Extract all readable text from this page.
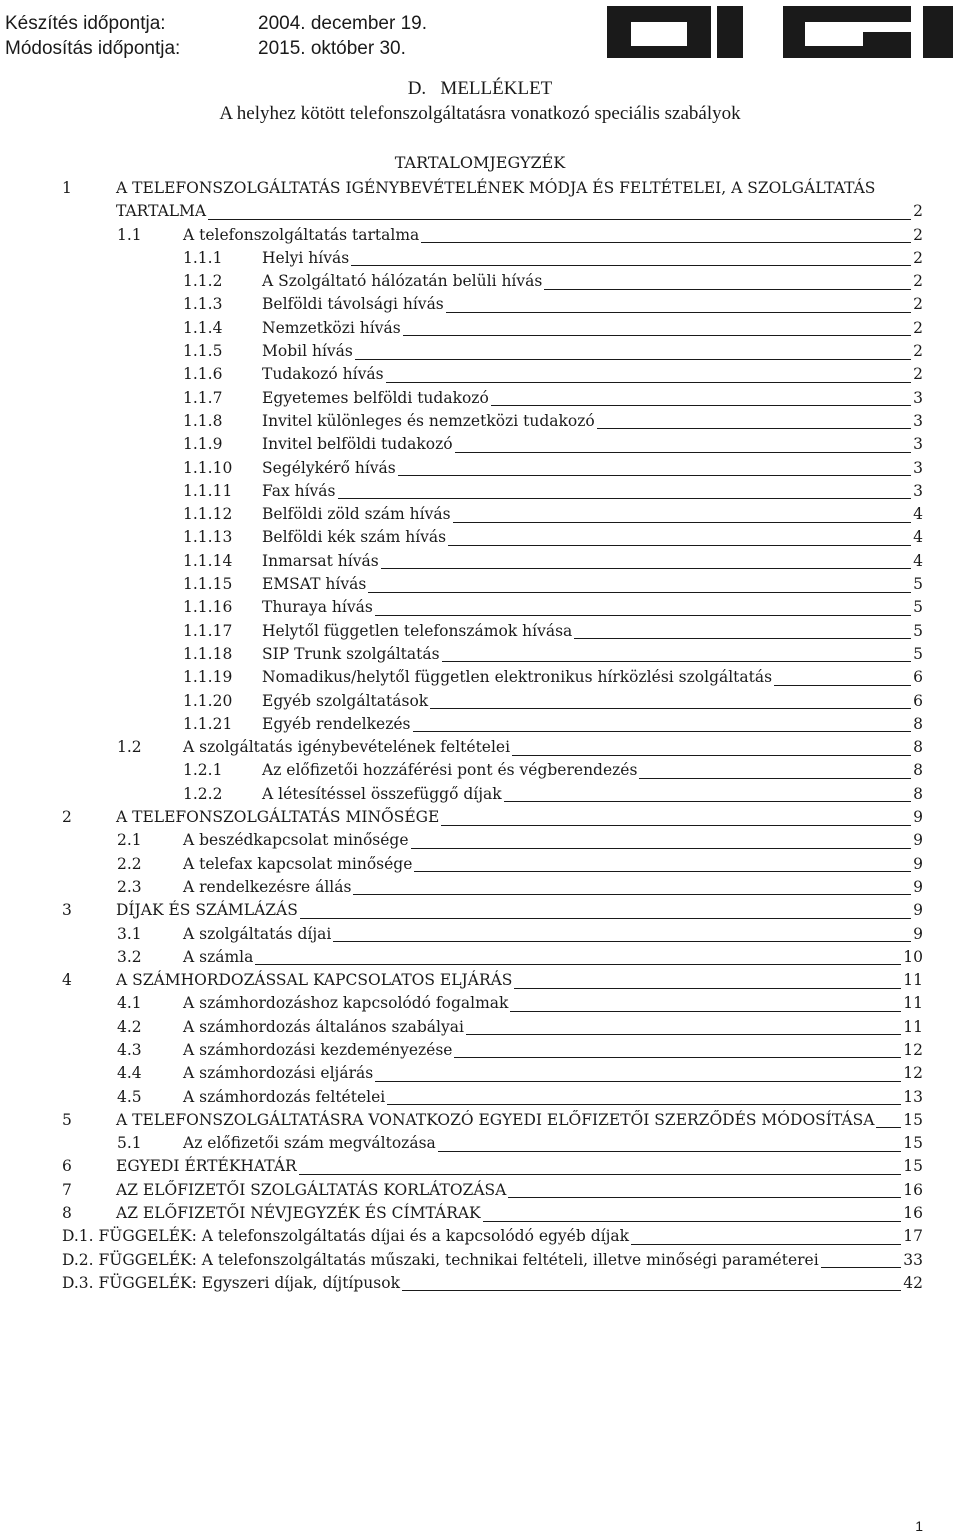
Készítés időpontja:	2004. december 19.
Módosítás időpontja:	2015. október 30.
D.   MELLÉKLET
A helyhez kötött telefonszolgáltatásra vonatkozó speciális szabályok
TARTALOMJEGYZÉK
1	A TELEFONSZOLGÁLTATÁS IGÉNYBEVÉTELÉNEK MÓDJA ÉS FELTÉTELEI, A SZOLGÁLTATÁS
TARTALMA	2
1.1	A telefonszolgáltatás tartalma	2
1.1.1	Helyi hívás	2
1.1.2	A Szolgáltató hálózatán belüli hívás	2
1.1.3	Belföldi távolsági hívás	2
1.1.4	Nemzetközi hívás	2
1.1.5	Mobil hívás	2
1.1.6	Tudakozó hívás	2
1.1.7	Egyetemes belföldi tudakozó	3
1.1.8	Invitel különleges és nemzetközi tudakozó	3
1.1.9	Invitel belföldi tudakozó	3
1.1.10 Segélykérő hívás	3
1.1.11 Fax hívás	3
1.1.12 Belföldi zöld szám hívás	4
1.1.13 Belföldi kék szám hívás	4
1.1.14 Inmarsat hívás	4
1.1.15 EMSAT hívás	5
1.1.16 Thuraya hívás	5
1.1.17 Helytől független telefonszámok hívása	5
1.1.18 SIP Trunk szolgáltatás	5
1.1.19 Nomadikus/helytől független elektronikus hírközlési szolgáltatás	6
1.1.20 Egyéb szolgáltatások	6
1.1.21 Egyéb rendelkezés	8
1.2	A szolgáltatás igénybevételének feltételei	8
1.2.1	Az előfizetői hozzáférési pont és végberendezés	8
1.2.2	A létesítéssel összefüggő díjak	8
2	A TELEFONSZOLGÁLTATÁS MINŐSÉGE	9
2.1	A beszédkapcsolat minősége	9
2.2	A telefax kapcsolat minősége	9
2.3	A rendelkezésre állás	9
3	DÍJAK ÉS SZÁMLÁZÁS	9
3.1	A szolgáltatás díjai	9
3.2	A számla	10
4	A SZÁMHORDOZÁSSAL KAPCSOLATOS ELJÁRÁS	11
4.1	A számhordozáshoz kapcsolódó fogalmak	11
4.2	A számhordozás általános szabályai	11
4.3	A számhordozási kezdeményezése	12
4.4	A számhordozási eljárás	12
4.5	A számhordozás feltételei	13
5	A TELEFONSZOLGÁLTATÁSRA VONATKOZÓ EGYEDI ELŐFIZETŐI SZERZŐDÉS MÓDOSÍTÁSA 15
5.1	Az előfizetői szám megváltozása	15
6	EGYEDI ÉRTÉKHATÁR	15
7	AZ ELŐFIZETŐI SZOLGÁLTATÁS KORLÁTOZÁSA	16
8	AZ ELŐFIZETŐI NÉVJEGYZÉK ÉS CÍMTÁRAK	16
D.1. FÜGGELÉK: A telefonszolgáltatás díjai és a kapcsolódó egyéb díjak	17
D.2. FÜGGELÉK: A telefonszolgáltatás műszaki, technikai feltételi, illetve minőségi paraméterei	33
D.3. FÜGGELÉK: Egyszeri díjak, díjtípusok	42
1
